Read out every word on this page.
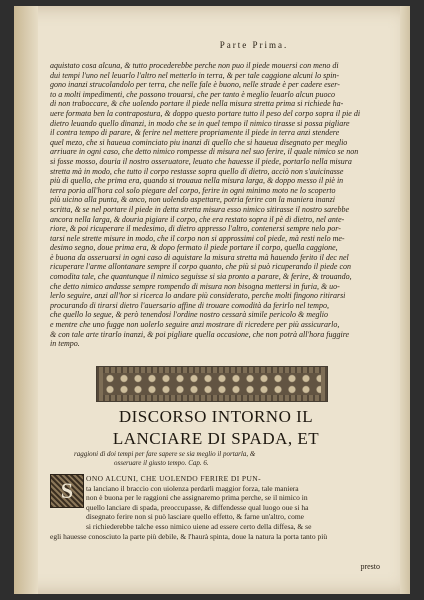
Parte Prima.
aquistato cosa alcuna, & tutto procederebbe perche non puo il piede mouersi con meno di
dui tempi l'uno nel leuarlo l'altro nel metterlo in terra, & per tale caggione alcuni lo spin-
gono inanzi strucolandolo per terra, che nelle fale è buono, nelle strade è per cadere eser-
to a molti impedimenti, che possono trouarsi, che per tanto è meglio leuarlo alcun puoco
di non traboccare, & che uolendo portare il piede nella misura stretta prima si richiede ha-
uere formata ben la contrapostura, & doppo questo portare tutto il peso del corpo sopra il pie di
dietro leuando quello dinanzi, in modo che se in quel tempo il nimico tirasse si possa pigliare
il contra tempo di parare, & ferire nel mettere propriamente il piede in terra anzi stendere
quel mezo, che si haueua cominciato piu inanzi di quello che si haueua disegnato per meglio
arriuare in ogni caso, che detto nimico rompesse di misura nel suo ferire, il quale nimico se non
si fosse mosso, douria il nostro osseruatore, leuato che hauesse il piede, portarlo nella misura
stretta mà in modo, che tutto il corpo restasse sopra quello di dietro, acciò non s'auicinasse
più di quello, che prima era, quando si trouaua nella misura larga, & doppo messo il piè in
terra poria all'hora col solo piegare del corpo, ferire in ogni minimo moto ne lo scoperto
più uicino alla punta, & anco, non uolendo aspettare, potria ferire con la maniera inanzi
scritta, & se nel portare il piede in detta stretta misura esso nimico sitirasse il nostro sarebbe
ancora nella larga, & douria pigiare il corpo, che era restato sopra il pè di dietro, nel ante-
riore, & poi ricuperare il medesimo, di dietro appresso l'altro, contenersi sempre nelo por-
tarsi nele strette misure in modo, che il corpo non si approssimi col piede, mà resti nelo me-
desimo segno, doue prima era, & dopo fermato il piede portare il corpo, quella caggione,
è buona da osseruarsi in ogni caso di aquistare la misura stretta mà hauendo ferito il dec nel
ricuperare l'arme allontanare sempre il corpo quanto, che più si può ricuperando il piede con
comodita tale, che quantunque il nimico seguisse si sia pronto a parare, & ferire, & trouando,
che detto nimico andasse sempre rompendo di misura non bisogna mettersi in furia, & uo-
lerlo seguire, anzi all'hor si ricerca lo andare più considerato, perche molti fingono ritirarsi
procurando di tirarsi dietro l'auersario affine di trouare comodità da ferirlo nel tempo,
che quello lo segue, & però tenendosi l'ordine nostro cessarà simile pericolo & meglio
e mentre che uno fugge non uolerlo seguire anzi mostrare di ricredere per più assicurarlo,
& con tale arte tirarlo inanzi, & poi pigliare quella occasione, che non potrà all'hora fuggire
in tempo.
DISCORSO INTORNO IL
LANCIARE DI SPADA, ET
raggioni di doi tempi per fare sapere se sia meglio il portarla, &
osseruare il giusto tempo. Cap. 6.
S	ONO ALCUNI, CHE UOLENDO FERIRE DI PUN-
ta lanciano il braccio con uiolenza perdarli maggior forza, tale maniera
non è buona per le raggioni che assignaremo prima perche, se il nimico in
quello lanciare di spada, preoccupasse, & diffendesse qual luogo oue si ha
disegnato ferire non si può lasciare quello effetto, & farne un'altro, come
si richiederebbe talche esso nimico uiene ad essere certo della diffesa, & se
egli hauesse conosciuto la parte più debile, & l'haurà spinta, doue la natura la porta tanto più
presto
